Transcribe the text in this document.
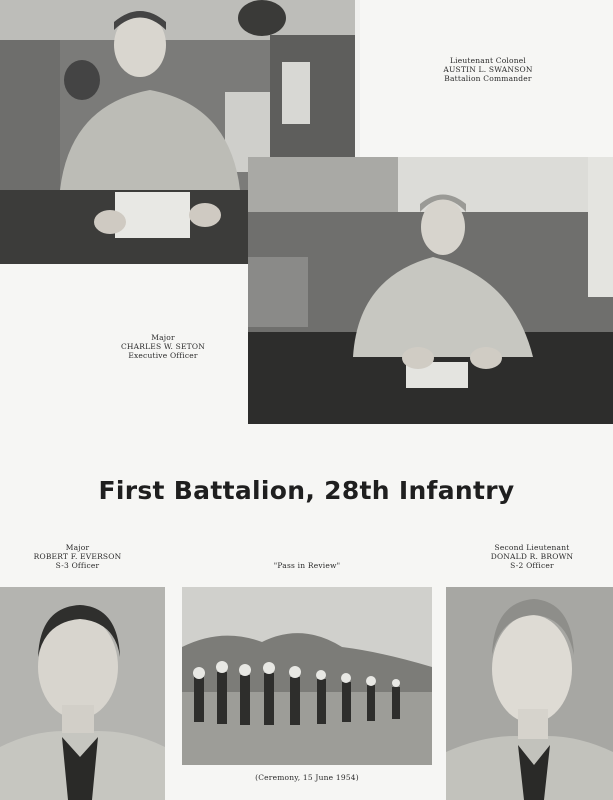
Lieutenant Colonel
AUSTIN L. SWANSON
Battalion Commander
Major
CHARLES W. SETON
Executive Officer
First Battalion, 28th Infantry
Major
ROBERT F. EVERSON
S-3 Officer	"Pass in Review"
Second Lieutenant
DONALD R. BROWN
S-2 Officer
(Ceremony, 15 June 1954)
